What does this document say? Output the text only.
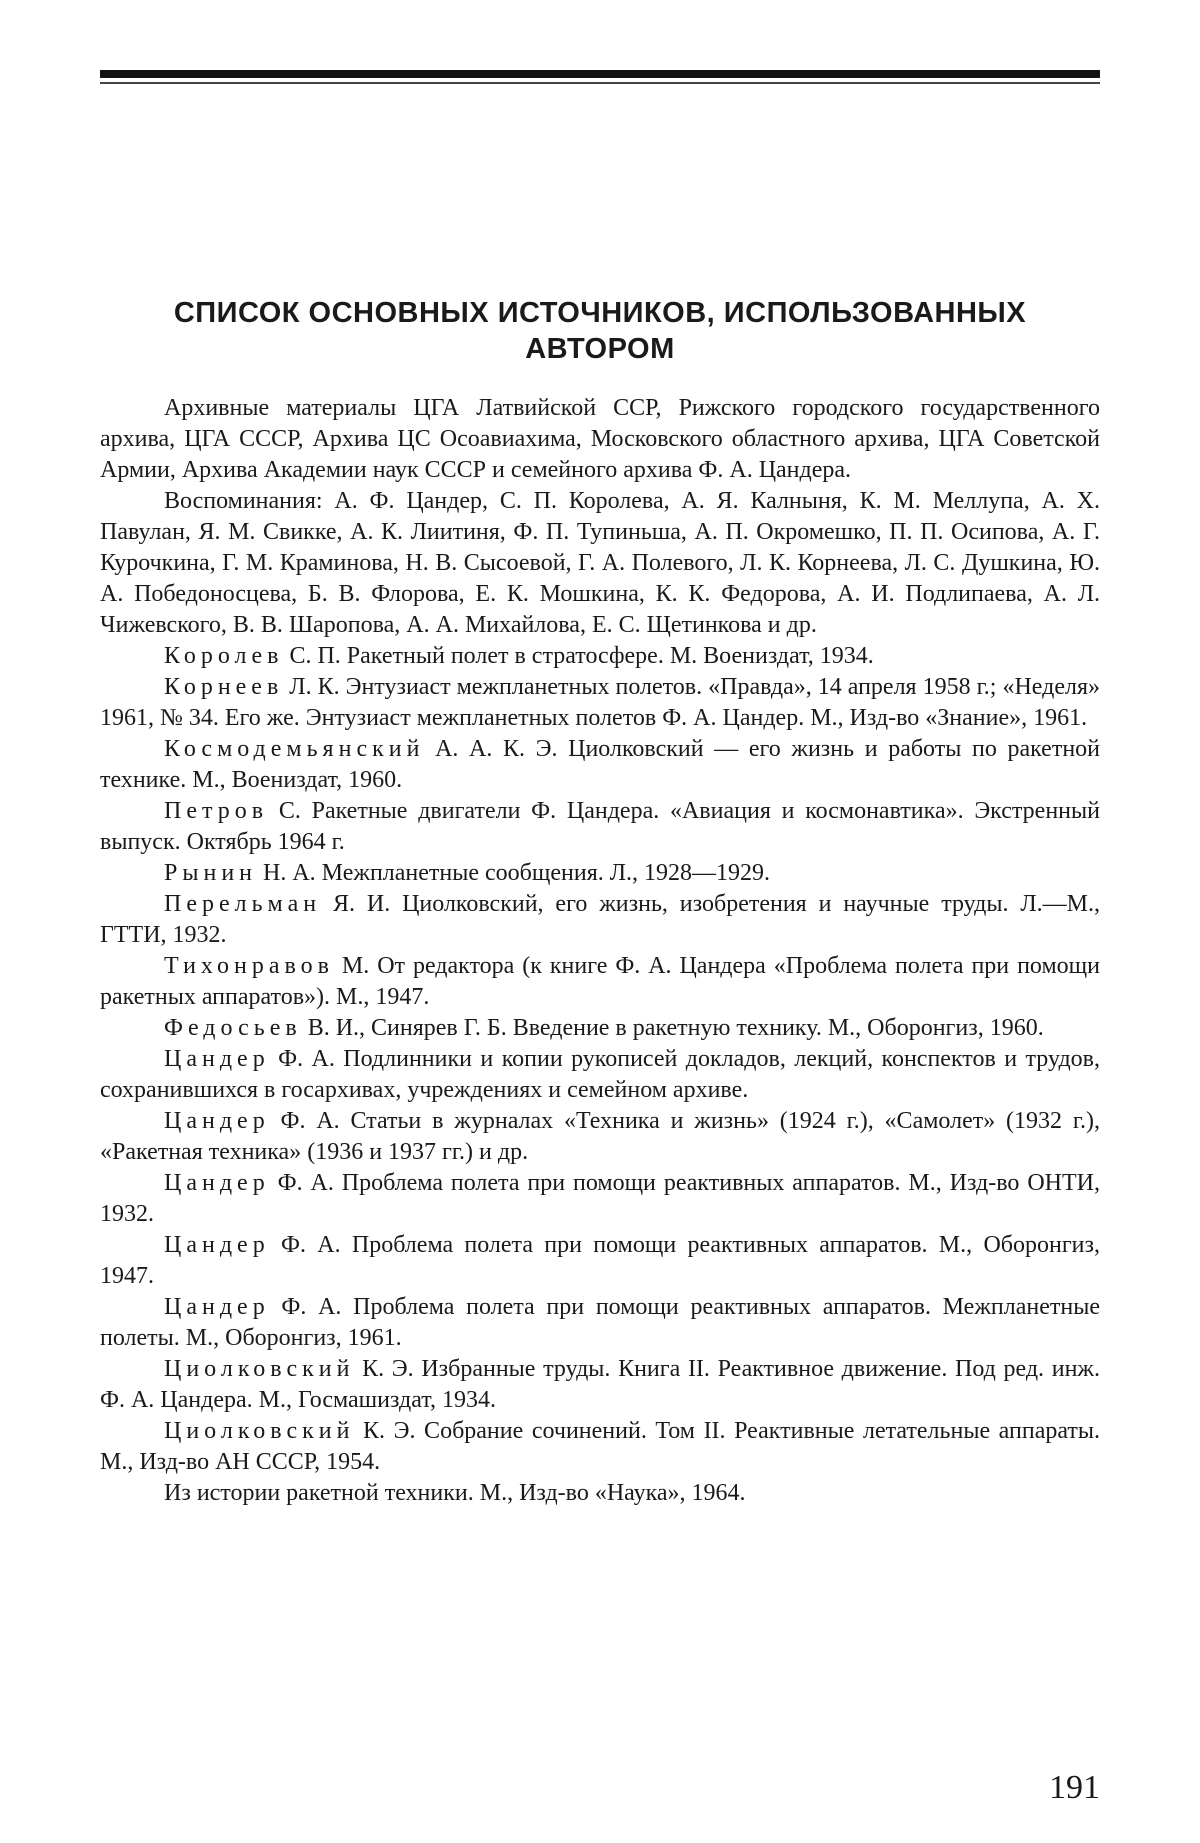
СПИСОК ОСНОВНЫХ ИСТОЧНИКОВ, ИСПОЛЬЗОВАННЫХ
АВТОРОМ

Архивные материалы ЦГА Латвийской ССР, Рижского городского государственного архива, ЦГА СССР, Архива ЦС Осоавиахима, Московского областного архива, ЦГА Советской Армии, Архива Академии наук СССР и семейного архива Ф. А. Цандера.

Воспоминания: А. Ф. Цандер, С. П. Королева, А. Я. Калныня, К. М. Меллупа, А. Х. Павулан, Я. М. Свикке, А. К. Лиитиня, Ф. П. Тупиньша, А. П. Окромешко, П. П. Осипова, А. Г. Курочкина, Г. М. Краминова, Н. В. Сысоевой, Г. А. Полевого, Л. К. Корнеева, Л. С. Душкина, Ю. А. Победоносцева, Б. В. Флорова, Е. К. Мошкина, К. К. Федорова, А. И. Подлипаева, А. Л. Чижевского, В. В. Шаропова, А. А. Михайлова, Е. С. Щетинкова и др.

Королев С. П. Ракетный полет в стратосфере. М. Воениздат, 1934.

Корнеев Л. К. Энтузиаст межпланетных полетов. «Правда», 14 апреля 1958 г.; «Неделя» 1961, № 34. Его же. Энтузиаст межпланетных полетов Ф. А. Цандер. М., Изд-во «Знание», 1961.

Космодемьянский А. А. К. Э. Циолковский — его жизнь и работы по ракетной технике. М., Воениздат, 1960.

Петров С. Ракетные двигатели Ф. Цандера. «Авиация и космонавтика». Экстренный выпуск. Октябрь 1964 г.

Рынин Н. А. Межпланетные сообщения. Л., 1928—1929.

Перельман Я. И. Циолковский, его жизнь, изобретения и научные труды. Л.—М., ГТТИ, 1932.

Тихонравов М. От редактора (к книге Ф. А. Цандера «Проблема полета при помощи ракетных аппаратов»). М., 1947.

Федосьев В. И., Синярев Г. Б. Введение в ракетную технику. М., Оборонгиз, 1960.

Цандер Ф. А. Подлинники и копии рукописей докладов, лекций, конспектов и трудов, сохранившихся в госархивах, учреждениях и семейном архиве.

Цандер Ф. А. Статьи в журналах «Техника и жизнь» (1924 г.), «Самолет» (1932 г.), «Ракетная техника» (1936 и 1937 гг.) и др.

Цандер Ф. А. Проблема полета при помощи реактивных аппаратов. М., Изд-во ОНТИ, 1932.

Цандер Ф. А. Проблема полета при помощи реактивных аппаратов. М., Оборонгиз, 1947.

Цандер Ф. А. Проблема полета при помощи реактивных аппаратов. Межпланетные полеты. М., Оборонгиз, 1961.

Циолковский К. Э. Избранные труды. Книга II. Реактивное движение. Под ред. инж. Ф. А. Цандера. М., Госмашиздат, 1934.

Циолковский К. Э. Собрание сочинений. Том II. Реактивные летательные аппараты. М., Изд-во АН СССР, 1954.

Из истории ракетной техники. М., Изд-во «Наука», 1964.

191
